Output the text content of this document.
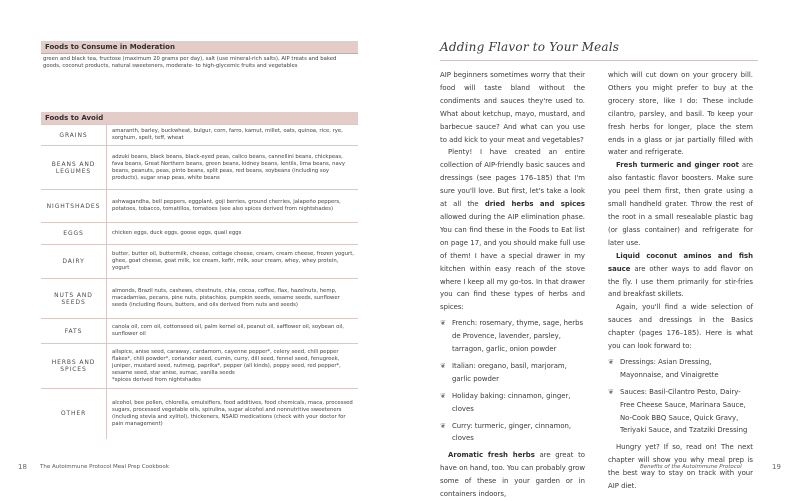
Foods to Consume in Moderation
green and black tea, fructose (maximum 20 grams per day), salt (use mineral-rich salts), AIP treats and baked goods, coconut products, natural sweeteners, moderate- to high-glycemic fruits and vegetables
Foods to Avoid
GRAINS	amaranth, barley, buckwheat, bulgur, corn, farro, kamut, millet, oats, quinoa, rice, rye, sorghum, spelt, teff, wheat
BEANS AND LEGUMES	adzuki beans, black beans, black-eyed peas, calico beans, cannellini beans, chickpeas, fava beans, Great Northern beans, green beans, kidney beans, lentils, lima beans, navy beans, peanuts, peas, pinto beans, split peas, red beans, soybeans (including soy products), sugar snap peas, white beans
NIGHTSHADES	ashwagandha, bell peppers, eggplant, goji berries, ground cherries, jalapeño peppers, potatoes, tobacco, tomatillos, tomatoes (see also spices derived from nightshades)
EGGS	chicken eggs, duck eggs, goose eggs, quail eggs
DAIRY	butter, butter oil, buttermilk, cheese, cottage cheese, cream, cream cheese, frozen yogurt, ghee, goat cheese, goat milk, ice cream, kefir, milk, sour cream, whey, whey protein, yogurt
NUTS AND SEEDS	almonds, Brazil nuts, cashews, chestnuts, chia, cocoa, coffee, flax, hazelnuts, hemp, macadamias, pecans, pine nuts, pistachios, pumpkin seeds, sesame seeds, sunflower seeds (including flours, butters, and oils derived from nuts and seeds)
FATS	canola oil, corn oil, cottonseed oil, palm kernel oil, peanut oil, safflower oil, soybean oil, sunflower oil
HERBS AND SPICES	allspice, anise seed, caraway, cardamom, cayenne pepper*, celery seed, chili pepper flakes*, chili powder*, coriander seed, cumin, curry, dill seed, fennel seed, fenugreek, juniper, mustard seed, nutmeg, paprika*, pepper (all kinds), poppy seed, red pepper*, sesame seed, star anise, sumac, vanilla seeds
*spices derived from nightshades
OTHER	alcohol, bee pollen, chlorella, emulsifiers, food additives, food chemicals, maca, processed sugars, processed vegetable oils, spirulina, sugar alcohol and nonnutritive sweeteners (including stevia and xylitol), thickeners, NSAID medications (check with your doctor for pain management)
18 The Autoimmune Protocol Meal Prep Cookbook
Adding Flavor to Your Meals

AIP beginners sometimes worry that their food will taste bland without the condiments and sauces they're used to. What about ketchup, mayo, mustard, and barbecue sauce? And what can you use to add kick to your meat and vegetables?

Plenty! I have created an entire collection of AIP-friendly basic sauces and dressings (see pages 176–185) that I'm sure you'll love. But first, let's take a look at all the dried herbs and spices allowed during the AIP elimination phase. You can find these in the Foods to Eat list on page 17, and you should make full use of them! I have a special drawer in my kitchen within easy reach of the stove where I keep all my go-tos. In that drawer you can find these types of herbs and spices:

❦ French: rosemary, thyme, sage, herbs de Provence, lavender, parsley, tarragon, garlic, onion powder
❦ Italian: oregano, basil, marjoram, garlic powder
❦ Holiday baking: cinnamon, ginger, cloves
❦ Curry: turmeric, ginger, cinnamon, cloves

Aromatic fresh herbs are great to have on hand, too. You can probably grow some of these in your garden or in containers indoors,

which will cut down on your grocery bill. Others you might prefer to buy at the grocery store, like I do: These include cilantro, parsley, and basil. To keep your fresh herbs for longer, place the stem ends in a glass or jar partially filled with water and refrigerate.

Fresh turmeric and ginger root are also fantastic flavor boosters. Make sure you peel them first, then grate using a small handheld grater. Throw the rest of the root in a small resealable plastic bag (or glass container) and refrigerate for later use.

Liquid coconut aminos and fish sauce are other ways to add flavor on the fly. I use them primarily for stir-fries and breakfast skillets.

Again, you'll find a wide selection of sauces and dressings in the Basics chapter (pages 176–185). Here is what you can look forward to:

❦ Dressings: Asian Dressing, Mayonnaise, and Vinaigrette
❦ Sauces: Basil-Cilantro Pesto, Dairy-Free Cheese Sauce, Marinara Sauce, No-Cook BBQ Sauce, Quick Gravy, Teriyaki Sauce, and Tzatziki Dressing

Hungry yet? If so, read on! The next chapter will show you why meal prep is the best way to stay on track with your AIP diet.

Benefits of the Autoimmune Protocol	19
